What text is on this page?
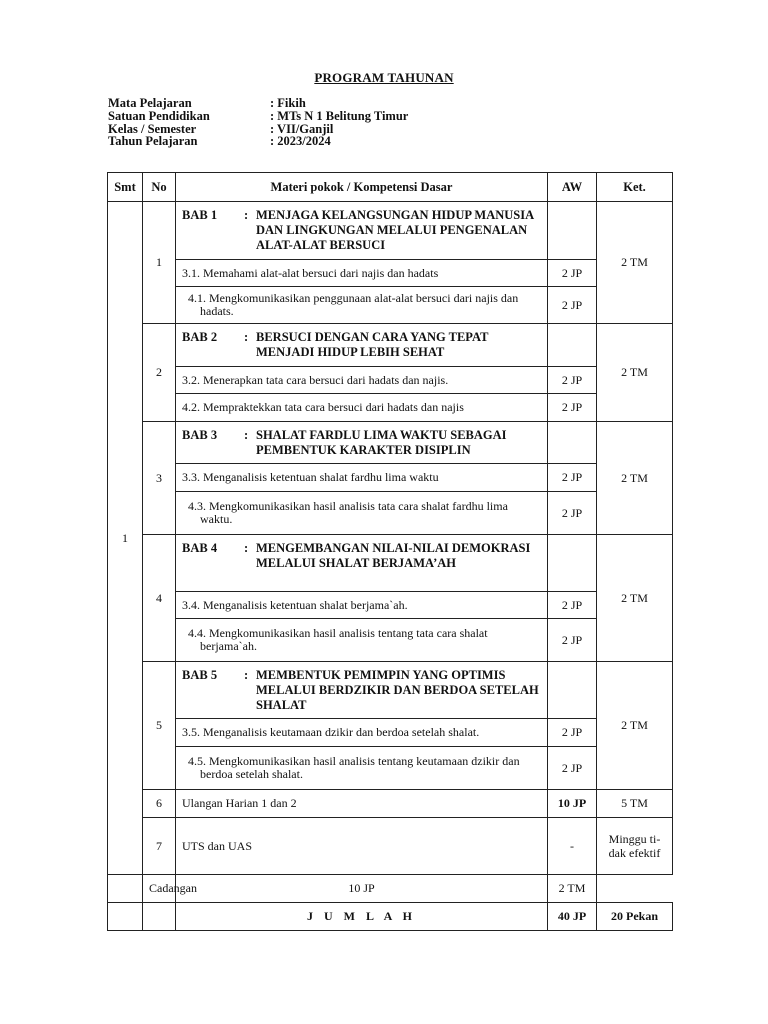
PROGRAM TAHUNAN
Mata Pelajaran	: Fikih
Satuan Pendidikan	: MTs N 1 Belitung Timur
Kelas / Semester	: VII/Ganjil
Tahun Pelajaran	: 2023/2024
Smt	No	Materi pokok / Kompetensi Dasar	AW	Ket.
1	1	BAB 1 : MENJAGA KELANGSUNGAN HIDUP MANUSIA DAN LINGKUNGAN MELALUI PENGENALAN ALAT-ALAT BERSUCI		2 TM
		3.1. Memahami alat-alat bersuci dari najis dan hadats	2 JP	

		4.1. Mengkomunikasikan penggunaan alat-alat bersuci dari najis dan hadats.	2 JP	
	2	BAB 2 : BERSUCI DENGAN CARA YANG TEPAT MENJADI HIDUP LEBIH SEHAT		2 TM
		3.2. Menerapkan tata cara bersuci dari hadats dan najis.	2 JP	
		4.2. Mempraktekkan tata cara bersuci dari hadats dan najis	2 JP	
	3	BAB 3 : SHALAT FARDLU LIMA WAKTU SEBAGAI PEMBENTUK KARAKTER DISIPLIN		2 TM
		3.3. Menganalisis ketentuan shalat fardhu lima waktu	2 JP	

		4.3. Mengkomunikasikan hasil analisis tata cara shalat fardhu lima waktu.	2 JP	
	4	BAB 4 : MENGEMBANGAN NILAI-NILAI DEMOKRASI MELALUI SHALAT BERJAMA’AH		2 TM
		3.4. Menganalisis ketentuan shalat berjama`ah.	2 JP	

		4.4. Mengkomunikasikan hasil analisis tentang tata cara shalat berjama`ah.	2 JP	
	5	BAB 5 : MEMBENTUK PEMIMPIN YANG OPTIMIS MELALUI BERDZIKIR DAN BERDOA SETELAH SHALAT		2 TM
		3.5. Menganalisis keutamaan dzikir dan berdoa setelah shalat.	2 JP	

		4.5. Mengkomunikasikan hasil analisis tentang keutamaan dzikir dan berdoa setelah shalat.	2 JP	
	6	Ulangan Harian 1 dan 2	10 JP	5 TM
	7	UTS dan UAS	-	Minggu ti-dak efektif
	Cadangan	10 JP	2 TM	
		J U M L A H	40 JP	20 Pekan
